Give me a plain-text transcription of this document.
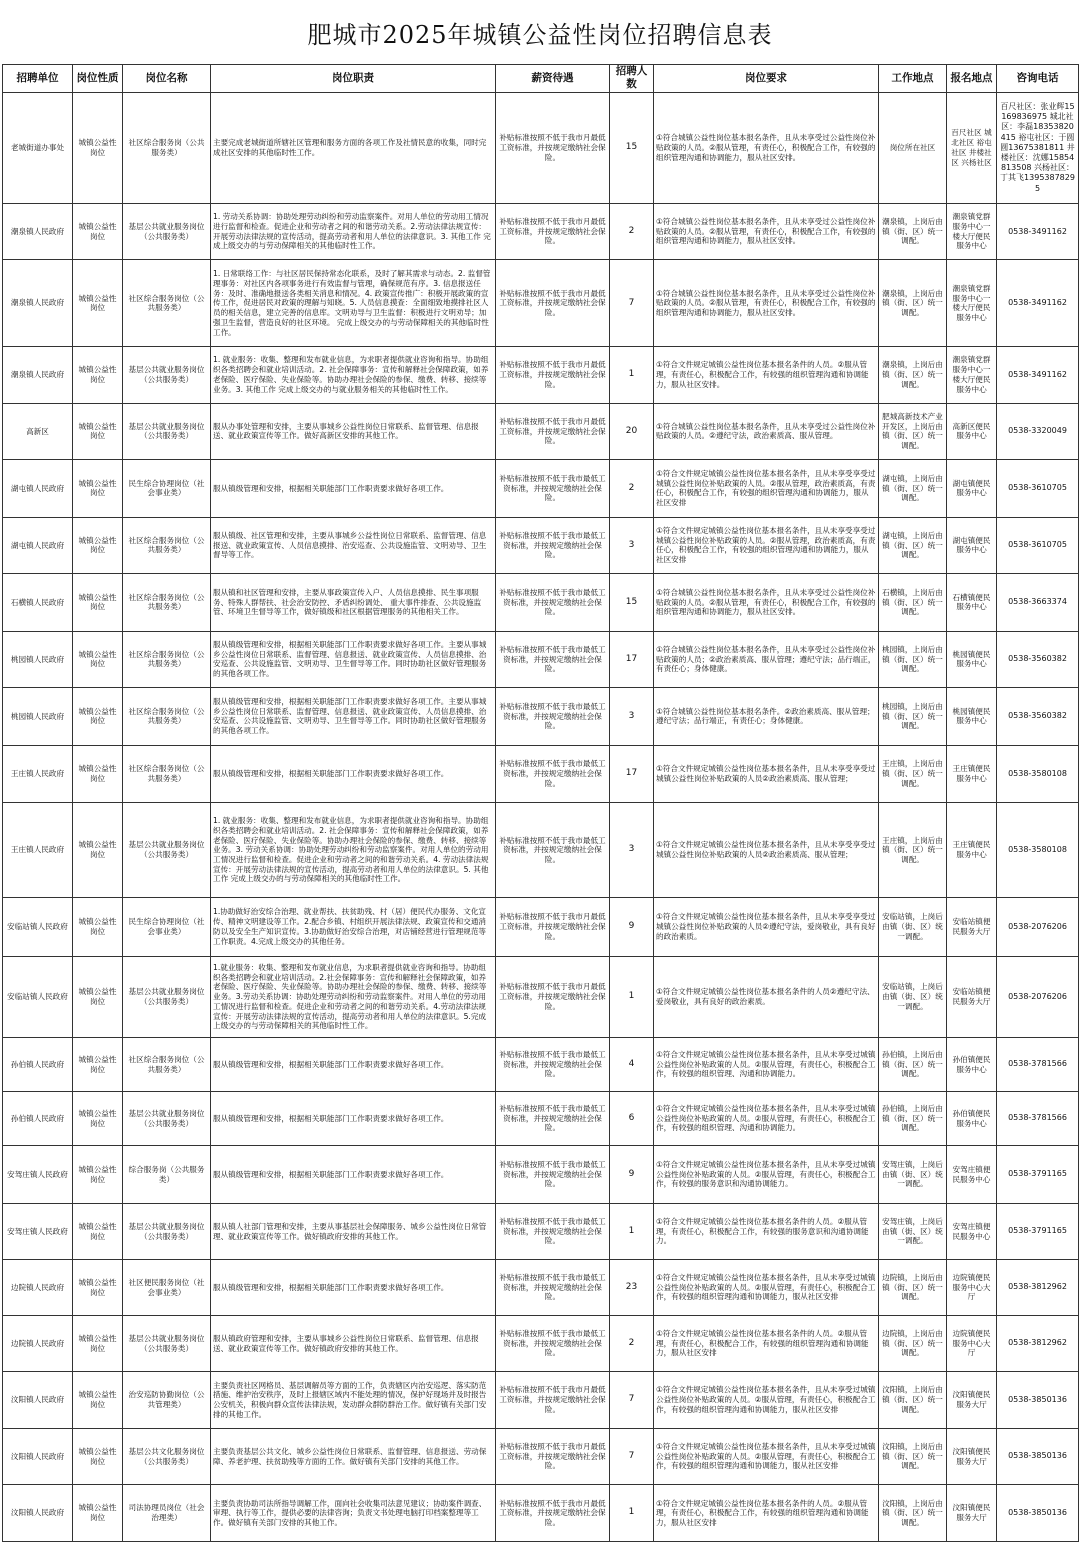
肥城市2025年城镇公益性岗位招聘信息表
招聘单位	岗位性质	岗位名称	岗位职责	薪资待遇	招聘人数	岗位要求	工作地点	报名地点	咨询电话
老城街道办事处	城镇公益性岗位	社区综合服务岗（公共服务类）	主要完成老城街道所辖社区管理和服务方面的各项工作及社情民意的收集，同时完成社区安排的其他临时性工作。	补贴标准按照不低于我市月最低工资标准，并按规定缴纳社会保险。	15	①符合城镇公益性岗位基本报名条件，且从未享受过公益性岗位补贴政策的人员。②服从管理，有责任心，积极配合工作，有较强的组织管理沟通和协调能力，服从社区安排。	岗位所在社区	百尺社区 城北社区 裕屯社区 井楼社区 兴杨社区	百尺社区：张业辉15169836975 城北社区：李磊18353820415 裕屯社区：于圆圆13675381811 井楼社区：沈娜15854813508 兴杨社区：丁其飞13953878295
潮泉镇人民政府	城镇公益性岗位	基层公共就业服务岗位（公共服务类）	1. 劳动关系协调：协助处理劳动纠纷和劳动监察案件。对用人单位的劳动用工情况进行监督和检查。促进企业和劳动者之间的和谐劳动关系。2.劳动法律法规宣传：开展劳动法律法规的宣传活动，提高劳动者和用人单位的法律意识。3. 其他工作 完成上级交办的与劳动保障相关的其他临时性工作。	补贴标准按照不低于我市月最低工资标准，并按规定缴纳社会保险。	2	①符合城镇公益性岗位基本报名条件，且从未享受过公益性岗位补贴政策的人员。②服从管理，有责任心，积极配合工作，有较强的组织管理沟通和协调能力，服从社区安排。	潮泉镇，上岗后由镇（街、区）统一调配。	潮泉镇党群服务中心一楼大厅便民服务中心	0538-3491162
潮泉镇人民政府	城镇公益性岗位	社区综合服务岗位（公共服务类）	1. 日常联络工作：与社区居民保持常态化联系，及时了解其需求与动态。2. 监督管理事务：对社区内各项事务进行有效监督与管理，确保规范有序。3. 信息报送任务：及时、准确地报送各类相关消息和情况。4. 政策宣传推广：积极开展政策的宣传工作，促进居民对政策的理解与知晓。5. 人员信息摸查：全面细致地摸排社区人员的相关信息，建立完善的信息库。文明劝导与卫生监督：积极进行文明劝导；加强卫生监督，营造良好的社区环境。 完成上级交办的与劳动保障相关的其他临时性工作。	补贴标准按照不低于我市月最低工资标准，并按规定缴纳社会保险。	7	①符合城镇公益性岗位基本报名条件，且从未享受过公益性岗位补贴政策的人员。②服从管理，有责任心，积极配合工作，有较强的组织管理沟通和协调能力，服从社区安排。	潮泉镇，上岗后由镇（街、区）统一调配。	潮泉镇党群服务中心一楼大厅便民服务中心	0538-3491162
潮泉镇人民政府	城镇公益性岗位	基层公共就业服务岗位（公共服务类）	1. 就业服务：收集、整理和发布就业信息，为求职者提供就业咨询和指导。协助组织各类招聘会和就业培训活动。2. 社会保障事务：宣传和解释社会保障政策，如养老保险、医疗保险、失业保险等。协助办理社会保险的参保、缴费、转移、接续等业务。3. 其他工作 完成上级交办的与就业服务相关的其他临时性工作。	补贴标准按照不低于我市月最低工资标准，并按规定缴纳社会保险。	1	①符合文件规定城镇公益性岗位基本报名条件的人员。②服从管理，有责任心，积极配合工作，有较强的组织管理沟通和协调能力，服从社区安排。	潮泉镇，上岗后由镇（街、区）统一调配。	潮泉镇党群服务中心一楼大厅便民服务中心	0538-3491162
高新区	城镇公益性岗位	基层公共就业服务岗位（公共服务类）	服从办事处管理和安排，主要从事城乡公益性岗位日常联系、监督管理、信息报送、就业政策宣传等工作。做好高新区安排的其他工作。	补贴标准按照不低于我市月最低工资标准，并按规定缴纳社会保险。	20	①符合城镇公益性岗位基本报名条件，且从未享受过公益性岗位补贴政策的人员。②遵纪守法，政治素质高、服从管理。	肥城高新技术产业开发区，上岗后由镇（街、区）统一调配。	高新区便民服务中心	0538-3320049
湖屯镇人民政府	城镇公益性岗位	民生综合协理岗位（社会事业类）	服从镇级管理和安排，根据相关职能部门工作职责要求做好各项工作。	补贴标准按照不低于我市最低工资标准，并按规定缴纳社会保险。	2	①符合文件规定城镇公益性岗位基本报名条件，且从未享受享受过城镇公益性岗位补贴政策的人员。②服从管理，政治素质高，有责任心，积极配合工作，有较强的组织管理沟通和协调能力，服从社区安排	湖屯镇，上岗后由镇（街、区）统一调配。	湖屯镇便民服务中心	0538-3610705
湖屯镇人民政府	城镇公益性岗位	社区综合服务岗位（公共服务类）	服从镇级、社区管理和安排，主要从事城乡公益性岗位日常联系、监督管理、信息报送、就业政策宣传、人员信息摸排、治安巡查、公共设施监管、文明劝导、卫生督导等工作。	补贴标准按照不低于我市最低工资标准，并按规定缴纳社会保险。	3	①符合文件规定城镇公益性岗位基本报名条件，且从未享受享受过城镇公益性岗位补贴政策的人员。②服从管理，政治素质高，有责任心，积极配合工作，有较强的组织管理沟通和协调能力，服从社区安排	湖屯镇，上岗后由镇（街、区）统一调配。	湖屯镇便民服务中心	0538-3610705
石横镇人民政府	城镇公益性岗位	社区综合服务岗位（公共服务类）	服从镇和社区管理和安排，主要从事政策宣传入户、人员信息摸排、民生事项服务、特殊人群帮扶、社会治安防控、矛盾纠纷调处、 重大事件排查、公共设施监管、环境卫生督导等工作，做好镇级和社区根据管理服务的其他相关工作。	补贴标准按照不低于我市最低工资标准，并按规定缴纳社会保险。	15	①符合城镇公益性岗位基本报名条件，且从未享受过公益性岗位补贴政策的人员。②服从管理，有责任心，积极配合工作，有较强的组织管理沟通和协调能力，服从社区安排。	石横镇，上岗后由镇（街、区）统一调配。	石横镇便民服务中心	0538-3663374
桃园镇人民政府	城镇公益性岗位	社区综合服务岗位（公共服务类）	服从镇级管理和安排，根据相关职能部门工作职责要求做好各项工作。主要从事城乡公益性岗位日常联系、监督管理、信息报送、就业政策宣传、人员信息摸排、治安巡查、公共设施监管、文明劝导、卫生督导等工作。同时协助社区做好管理服务的其他各项工作。	补贴标准按照不低于我市最低工资标准，并按规定缴纳社会保险。	17	①符合城镇公益性岗位基本报名条件，且从未享受过公益性岗位补贴政策的人员；②政治素质高、服从管理；遵纪守法；品行端正，有责任心；身体健康。	桃园镇，上岗后由镇（街、区）统一调配。	桃园镇便民服务中心	0538-3560382
桃园镇人民政府	城镇公益性岗位	社区综合服务岗位（公共服务类）	服从镇级管理和安排，根据相关职能部门工作职责要求做好各项工作。主要从事城乡公益性岗位日常联系、监督管理、信息报送、就业政策宣传、人员信息摸排、治安巡查、公共设施监管、文明劝导、卫生督导等工作。同时协助社区做好管理服务的其他各项工作。	补贴标准按照不低于我市最低工资标准，并按规定缴纳社会保险。	3	①符合城镇公益性岗位基本报名条件。②政治素质高、服从管理；遵纪守法；品行端正，有责任心；身体健康。	桃园镇，上岗后由镇（街、区）统一调配。	桃园镇便民服务中心	0538-3560382
王庄镇人民政府	城镇公益性岗位	社区综合服务岗位（公共服务类）	服从镇级管理和安排，根据相关职能部门工作职责要求做好各项工作。	补贴标准按照不低于我市最低工资标准，并按规定缴纳社会保险。	17	①符合文件规定城镇公益性岗位基本报名条件，且从未享受享受过城镇公益性岗位补贴政策的人员②政治素质高、服从管理；	王庄镇，上岗后由镇（街、区）统一调配。	王庄镇便民服务中心	0538-3580108
王庄镇人民政府	城镇公益性岗位	基层公共就业服务岗位（公共服务类）	1. 就业服务：收集、整理和发布就业信息，为求职者提供就业咨询和指导。协助组织各类招聘会和就业培训活动。2. 社会保障事务：宣传和解释社会保障政策，如养老保险、医疗保险、失业保险等。协助办理社会保险的参保、缴费、转移、接续等业务。3. 劳动关系协调：协助处理劳动纠纷和劳动监察案件。对用人单位的劳动用工情况进行监督和检查。促进企业和劳动者之间的和谐劳动关系。4. 劳动法律法规宣传：开展劳动法律法规的宣传活动，提高劳动者和用人单位的法律意识。5. 其他工作 完成上级交办的与劳动保障相关的其他临时性工作。	补贴标准按照不低于我市最低工资标准，并按规定缴纳社会保险。	3	①符合文件规定城镇公益性岗位基本报名条件，且从未享受享受过城镇公益性岗位补贴政策的人员②政治素质高、服从管理；	王庄镇，上岗后由镇（街、区）统一调配。	王庄镇便民服务中心	0538-3580108
安临站镇人民政府	城镇公益性岗位	民生综合协理岗位（社会事业类）	1.协助做好治安综合治理、就业帮扶、扶贫助残、村（居）便民代办服务、文化宣传、精神文明建设等工作。2.配合乡镇、村组织开展法律法规、政策宣传和交通消防以及安全生产知识宣传。3.协助做好治安综合治理，对店铺经营进行管理规范等工作职责。4.完成上级交办的其他任务。	补贴标准按照不低于我市月最低工资标准，并按规定缴纳社会保险。	9	①符合文件规定城镇公益性岗位基本报名条件，且从未享受享受过城镇公益性岗位补贴政策的人员②遵纪守法，爱岗敬业，具有良好的政治素质。	安临站镇，上岗后由镇（街、区）统一调配。	安临站镇便民服务大厅	0538-2076206
安临站镇人民政府	城镇公益性岗位	基层公共就业服务岗位（公共服务类）	1.就业服务：收集、整理和发布就业信息，为求职者提供就业咨询和指导。协助组织各类招聘会和就业培训活动。2.社会保障事务：宣传和解释社会保障政策，如养老保险、医疗保险、失业保险等。协助办理社会保险的参保、缴费、转移、接续等业务。3.劳动关系协调：协助处理劳动纠纷和劳动监察案件。对用人单位的劳动用工情况进行监督和检查。促进企业和劳动者之间的和谐劳动关系。4.劳动法律法规宣传：开展劳动法律法规的宣传活动，提高劳动者和用人单位的法律意识。5.完成上级交办的与劳动保障相关的其他临时性工作。	补贴标准按照不低于我市月最低工资标准，并按规定缴纳社会保险。	1	①符合文件规定城镇公益性岗位基本报名条件的人员②遵纪守法、爱岗敬业，具有良好的政治素质。	安临站镇，上岗后由镇（街、区）统一调配。	安临站镇便民服务大厅	0538-2076206
孙伯镇人民政府	城镇公益性岗位	社区综合服务岗位（公共服务类）	服从镇级管理和安排，根据相关职能部门工作职责要求做好各项工作。	补贴标准按照不低于我市最低工资标准，并按规定缴纳社会保险。	4	①符合文件规定城镇公益性岗位基本报名条件，且从未享受过城镇公益性岗位补贴政策的人员。②服从管理，有责任心，积极配合工作，有较强的组织管理、沟通和协调能力。	孙伯镇，上岗后由镇（街、区）统一调配。	孙伯镇便民服务中心	0538-3781566
孙伯镇人民政府	城镇公益性岗位	基层公共就业服务岗位（公共服务类）	服从镇级管理和安排，根据相关职能部门工作职责要求做好各项工作。	补贴标准按照不低于我市最低工资标准，并按规定缴纳社会保险。	6	①符合文件规定城镇公益性岗位基本报名条件，且从未享受过城镇公益性岗位补贴政策的人员。②服从管理，有责任心，积极配合工作，有较强的组织管理、沟通和协调能力。	孙伯镇，上岗后由镇（街、区）统一调配。	孙伯镇便民服务中心	0538-3781566
安驾庄镇人民政府	城镇公益性岗位	综合服务岗（公共服务类）	服从镇级管理和安排，根据相关职能部门工作职责要求做好各项工作。	补贴标准按照不低于我市最低工资标准，并按规定缴纳社会保险。	9	①符合文件规定城镇公益性岗位基本报名条件，且从未享受过城镇公益性岗位补贴政策的人员。②服从管理，有责任心，积极配合工作，有较强的服务意识和沟通协调能力。	安驾庄镇，上岗后由镇（街、区）统一调配。	安驾庄镇便民服务中心	0538-3791165
安驾庄镇人民政府	城镇公益性岗位	基层公共就业服务岗位（公共服务类）	服从镇人社部门管理和安排，主要从事基层社会保障服务、城乡公益性岗位日常管理、就业政策宣传等工作。做好镇政府安排的其他工作。	补贴标准按照不低于我市最低工资标准，并按规定缴纳社会保险。	1	①符合文件规定城镇公益性岗位基本报名条件的人员。②服从管理，有责任心，积极配合工作，有较强的服务意识和沟通协调能力。	安驾庄镇，上岗后由镇（街、区）统一调配。	安驾庄镇便民服务中心	0538-3791165
边院镇人民政府	城镇公益性岗位	社区便民服务岗位（社会事业类）	服从镇级管理和安排，根据相关职能部门工作职责要求做好各项工作。	补贴标准按照不低于我市最低工资标准，并按规定缴纳社会保险。	23	①符合文件规定城镇公益性岗位基本报名条件，且从未享受过城镇公益性岗位补贴政策的人员。②服从管理，有责任心，积极配合工作，有较强的组织管理沟通和协调能力，服从社区安排	边院镇，上岗后由镇（街、区）统一调配。	边院镇便民服务中心大厅	0538-3812962
边院镇人民政府	城镇公益性岗位	基层公共就业服务岗位（公共服务类）	服从镇政府管理和安排，主要从事城乡公益性岗位日常联系、监督管理、信息报送、就业政策宣传等工作。做好镇政府安排的其他工作。	补贴标准按照不低于我市最低工资标准，并按规定缴纳社会保险。	2	①符合文件规定城镇公益性岗位基本报名条件的人员。②服从管理，有责任心，积极配合工作，有较强的组织管理沟通和协调能力，服从社区安排	边院镇，上岗后由镇（街、区）统一调配。	边院镇便民服务中心大厅	0538-3812962
汶阳镇人民政府	城镇公益性岗位	治安巡防协勤岗位（公共管理类）	主要负责社区网格员、基层调解员等方面的工作，负责辖区内治安巡逻、落实防范措施、维护治安秩序，及时上报辖区域内不能处理的情况，保护好现场并及时报告公安机关，积极向群众宣传法律法规，发动群众群防群治工作。做好镇有关部门安排的其他工作。	补贴标准按照不低于我市月最低工资标准，并按规定缴纳社会保险。	7	①符合文件规定城镇公益性岗位基本报名条件，且从未享受过城镇公益性岗位补贴政策的人员。②服从管理，有责任心，积极配合工作，有较强的组织管理沟通和协调能力，服从社区安排	汶阳镇，上岗后由镇（街、区）统一调配。	汶阳镇便民服务大厅	0538-3850136
汶阳镇人民政府	城镇公益性岗位	基层公共文化服务岗位（公共服务类）	主要负责基层公共文化、城乡公益性岗位日常联系、监督管理、信息报送、劳动保障、养老护理、扶贫助残等方面的工作。做好镇有关部门安排的其他工作。	补贴标准按照不低于我市月最低工资标准，并按规定缴纳社会保险。	7	①符合文件规定城镇公益性岗位基本报名条件，且从未享受过城镇公益性岗位补贴政策的人员。②服从管理，有责任心，积极配合工作，有较强的组织管理沟通和协调能力，服从社区安排	汶阳镇，上岗后由镇（街、区）统一调配。	汶阳镇便民服务大厅	0538-3850136
汶阳镇人民政府	城镇公益性岗位	司法协理员岗位（社会治理类）	主要负责协助司法所指导调解工作，面向社会收集司法意见建议；协助案件调查、审理、执行等工作，提供必要的法律咨询；负责文书处理电脑打印档案整理等工作。做好镇有关部门安排的其他工作。	补贴标准按照不低于我市月最低工资标准，并按规定缴纳社会保险。	1	①符合文件规定城镇公益性岗位基本报名条件的人员。②服从管理，有责任心，积极配合工作，有较强的组织管理沟通和协调能力，服从社区安排	汶阳镇，上岗后由镇（街、区）统一调配。	汶阳镇便民服务大厅	0538-3850136
